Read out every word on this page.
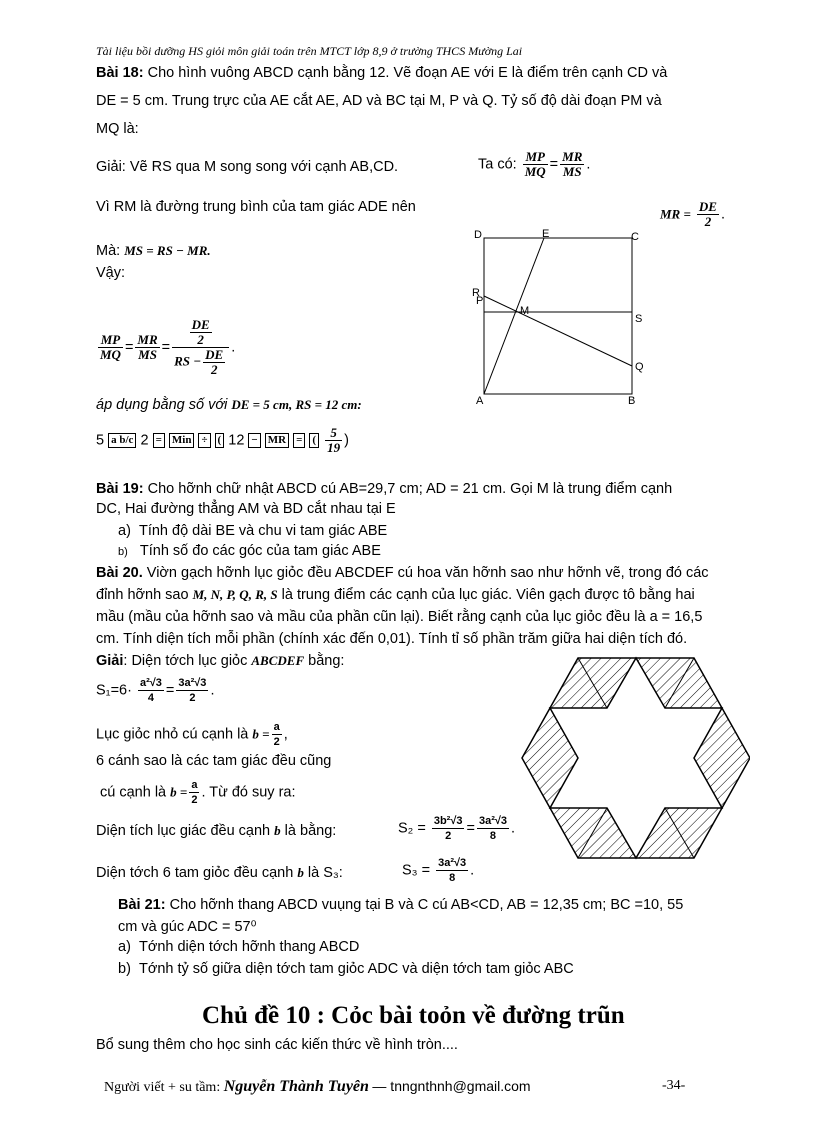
Tài liệu bồi dưỡng HS giỏi môn giải toán trên MTCT lớp 8,9 ở trường THCS Mường Lai
Bài 18: Cho hình vuông ABCD cạnh bằng 12. Vẽ đoạn AE với E là điểm trên cạnh CD và
DE = 5 cm. Trung trực của AE cắt AE, AD và BC tại M, P và Q. Tỷ số độ dài đoạn PM và
MQ là:
Giải: Vẽ RS qua M song song với cạnh AB,CD.	Ta có: $\frac{MP}{MQ} = \frac{MR}{MS}$ .
Vì RM là đường trung bình của tam giác ADE nên	MR = $\frac{DE}{2}$ .
Mà: MS = RS − MR.
Vậy:
$\frac{MP}{MQ} = \frac{MR}{MS} = \frac{\frac{DE}{2}}{RS - \frac{DE}{2}}$ .
áp dụng bằng số với DE = 5 cm, RS = 12 cm:
5 a b/c 2 = Min ÷ ( 12 − MR = ( $\frac{5}{19}$ )
D	E	C
R
P
M
S
Q
A	B
Bài 19: Cho hỡnh chữ nhật ABCD cú AB=29,7 cm; AD = 21 cm. Gọi M là trung điểm cạnh
DC, Hai đường thẳng AM và BD cắt nhau tại E
a) Tính độ dài BE và chu vi tam giác ABE
b) Tính số đo các góc của tam giác ABE
Bài 20. Viờn gạch hỡnh lục giỏc đều ABCDEF cú hoa văn hỡnh sao như hỡnh vẽ, trong đó các
đỉnh hỡnh sao M, N, P, Q, R, S là trung điểm các cạnh của lục giác. Viên gạch được tô bằng hai
mầu (mầu của hỡnh sao và mầu của phần cũn lại). Biết rằng cạnh của lục giỏc đều là a = 16,5
cm. Tính diện tích mỗi phần (chính xác đến 0,01). Tính tỉ số phần trăm giữa hai diện tích đó.
Giải: Diện tớch lục giỏc ABCDEF bằng:
$S_1=6\cdot \frac{\text{a²√3}}{4} = \frac{\text{3a²√3}}{2}$ .
Lục giỏc nhỏ cú cạnh là $b = \frac{a}{2}$ ,
6 cánh sao là các tam giác đều cũng
cú cạnh là $b = \frac{a}{2}$ . Từ đó suy ra:
Diện tích lục giác đều cạnh b là bằng:	$S_2 = \frac{\text{3b²√3}}{2} = \frac{\text{3a²√3}}{8}$ .
Diện tớch 6 tam giỏc đều cạnh b là S₃:	$S_3 = \frac{\text{3a²√3}}{8}$ .
Bài 21: Cho hỡnh thang ABCD vuụng tại B và C cú AB<CD, AB = 12,35 cm; BC =10, 55
cm và gúc ADC = 57⁰
a) Tớnh diện tớch hỡnh thang ABCD
b) Tớnh tỷ số giữa diện tớch tam giỏc ADC và diện tớch tam giỏc ABC
Chủ đề 10 : Cỏc bài toỏn về đường trũn
Bổ sung thêm cho học sinh các kiến thức về hình tròn....
Người viết + su tầm: Nguyễn Thành Tuyên — tnngnthnh@gmail.com	-34-
